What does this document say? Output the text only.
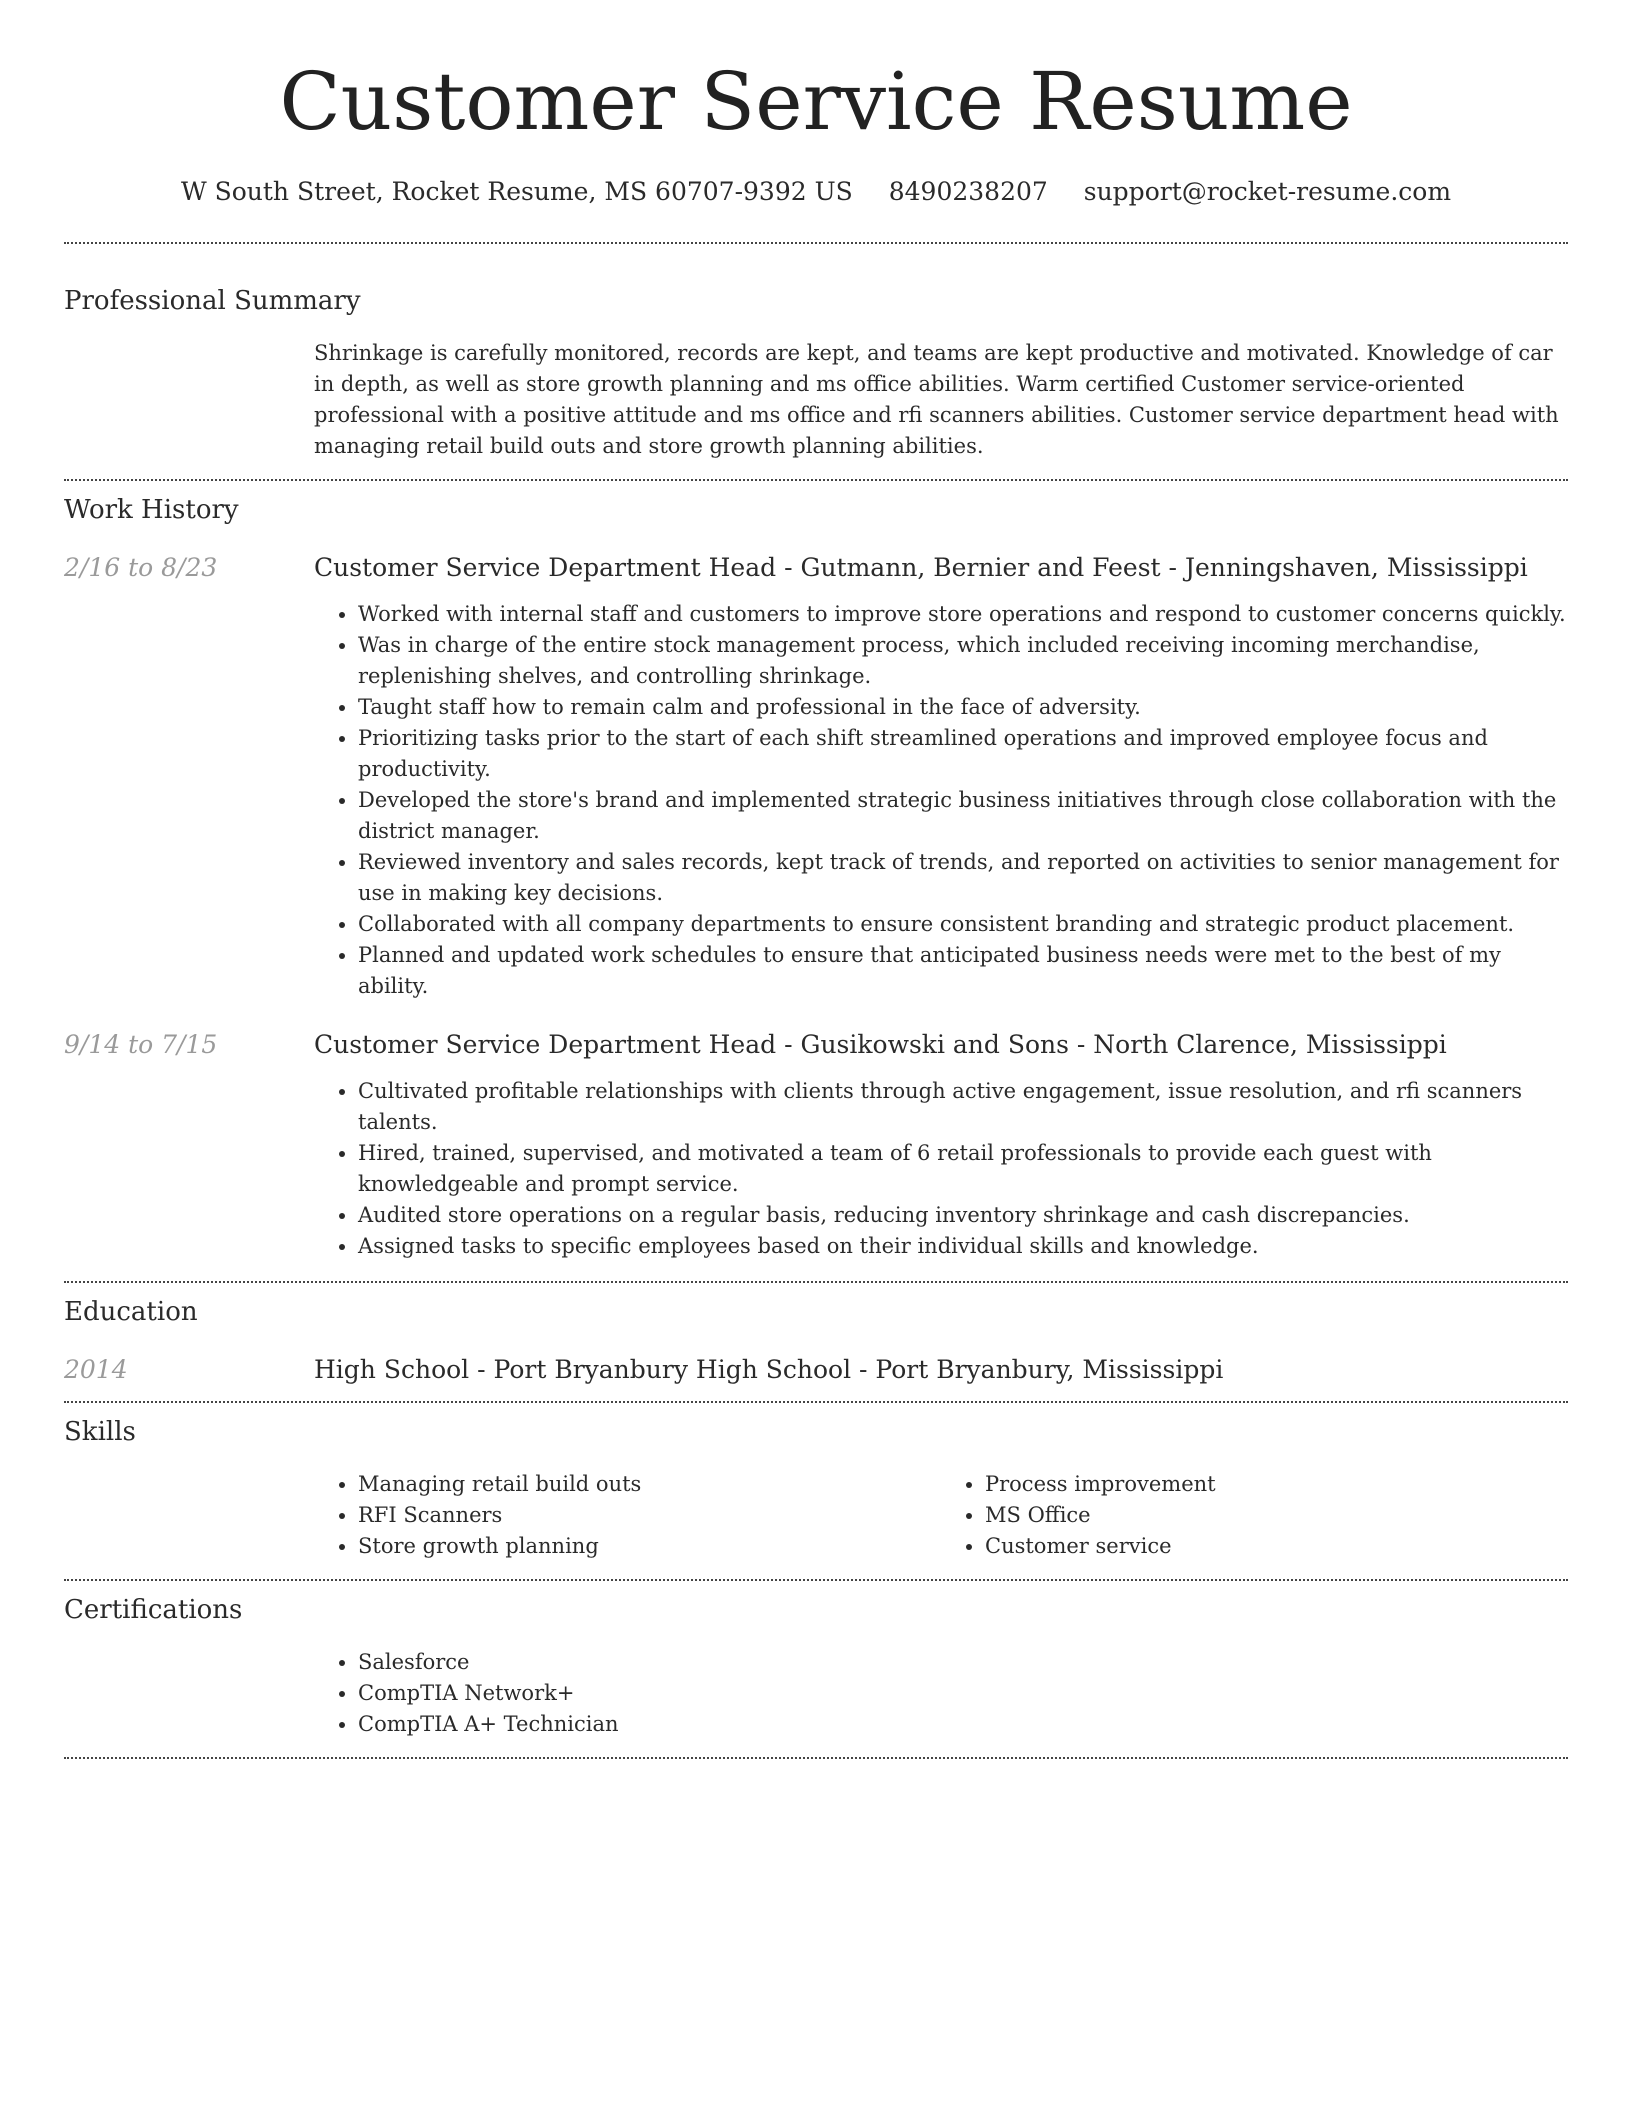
Customer Service Resume
W South Street, Rocket Resume, MS 60707-9392 US 8490238207 support@rocket-resume.com
Professional Summary

Shrinkage is carefully monitored, records are kept, and teams are kept productive and motivated. Knowledge of car in depth, as well as store growth planning and ms office abilities. Warm certified Customer service-oriented professional with a positive attitude and ms office and rfi scanners abilities. Customer service department head with managing retail build outs and store growth planning abilities.

Work History
2/16 to 8/23	Customer Service Department Head - Gutmann, Bernier and Feest - Jenningshaven, Mississippi
• Worked with internal staff and customers to improve store operations and respond to customer concerns quickly.
• Was in charge of the entire stock management process, which included receiving incoming merchandise, replenishing shelves, and controlling shrinkage.
• Taught staff how to remain calm and professional in the face of adversity.
• Prioritizing tasks prior to the start of each shift streamlined operations and improved employee focus and productivity.
• Developed the store's brand and implemented strategic business initiatives through close collaboration with the district manager.
• Reviewed inventory and sales records, kept track of trends, and reported on activities to senior management for use in making key decisions.
• Collaborated with all company departments to ensure consistent branding and strategic product placement.
• Planned and updated work schedules to ensure that anticipated business needs were met to the best of my ability.
9/14 to 7/15	Customer Service Department Head - Gusikowski and Sons - North Clarence, Mississippi
• Cultivated profitable relationships with clients through active engagement, issue resolution, and rfi scanners talents.
• Hired, trained, supervised, and motivated a team of 6 retail professionals to provide each guest with knowledgeable and prompt service.
• Audited store operations on a regular basis, reducing inventory shrinkage and cash discrepancies.
• Assigned tasks to specific employees based on their individual skills and knowledge.
Education
2014	High School - Port Bryanbury High School - Port Bryanbury, Mississippi
Skills
• Managing retail build outs
• RFI Scanners
• Store growth planning
• Process improvement
• MS Office
• Customer service
Certifications
• Salesforce
• CompTIA Network+
• CompTIA A+ Technician
